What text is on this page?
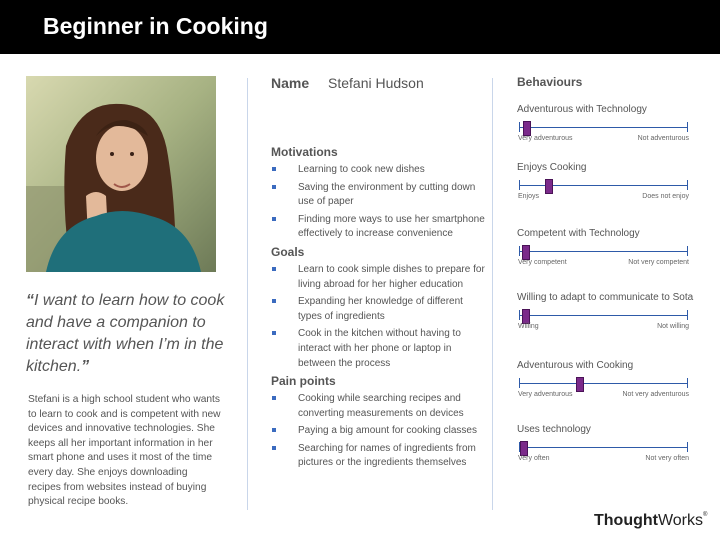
Beginner in Cooking
“I want to learn how to cook and have a companion to interact with when I’m in the kitchen.”
Stefani is a high school student who wants to learn to cook and is competent with new devices and innovative technologies. She keeps all her important information in her smart phone and uses it most of the time every day. She enjoys downloading recipes from websites instead of buying physical recipe books.
Name Stefani Hudson
Motivations
Learning to cook new dishes
Saving the environment by cutting down use of paper
Finding more ways to use her smartphone effectively to increase convenience
Goals
Learn to cook simple dishes to prepare for living abroad for her higher education
Expanding her knowledge of different types of ingredients
Cook in the kitchen without having to interact with her phone or laptop in between the process
Pain points
Cooking while searching recipes and converting measurements on devices
Paying a big amount for cooking classes
Searching for names of ingredients from pictures or the ingredients themselves
Behaviours
Adventurous with Technology
Very adventurous	Not adventurous
Enjoys Cooking
Enjoys	Does not enjoy
Competent with Technology
Very competent	Not very competent
Willing to adapt to communicate to Sota
Willing	Not willing
Adventurous with Cooking
Very adventurous	Not very adventurous
Uses technology
Very often	Not very often
ThoughtWorks®
